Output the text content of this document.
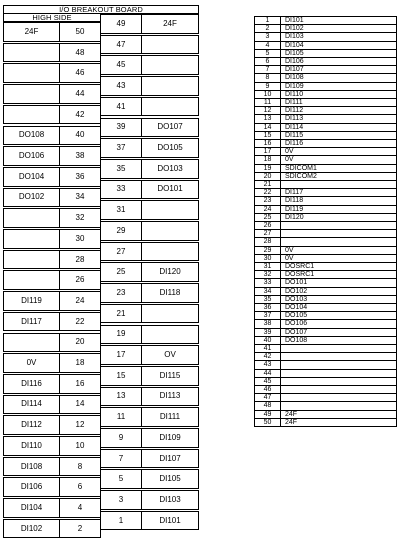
I/O BREAKOUT BOARD
HIGH SIDE
24F	50
48
46
44
42
DO108	40
DO106	38
DO104	36
DO102	34
32
30
28
26
DI119	24
DI117	22
20
0V	18
DI116	16
DI114	14
DI112	12
DI110	10
DI108	8
DI106	6
DI104	4
DI102	2
49	24F
47
45
43
41
39	DO107
37	DO105
35	DO103
33	DO101
31
29
27
25	DI120
23	DI118
21
19
17	OV
15	DI115
13	DI113
11	DI111
9	DI109
7	DI107
5	DI105
3	DI103
1	DI101
1	DI101
2	DI102
3	DI103
4	DI104
5	DI105
6	DI106
7	DI107
8	DI108
9	DI109
10	DI110
11	DI111
12	DI112
13	DI113
14	DI114
15	DI115
16	DI116
17	0V
18	0V
19	SDICOM1
20	SDICOM2
21
22	DI117
23	DI118
24	DI119
25	DI120
26
27
28
29	0V
30	0V
31	DOSRC1
32	DOSRC1
33	DO101
34	DO102
35	DO103
36	DO104
37	DO105
38	DO106
39	DO107
40	DO108
41
42
43
44
45
46
47
48
49	24F
50	24F
